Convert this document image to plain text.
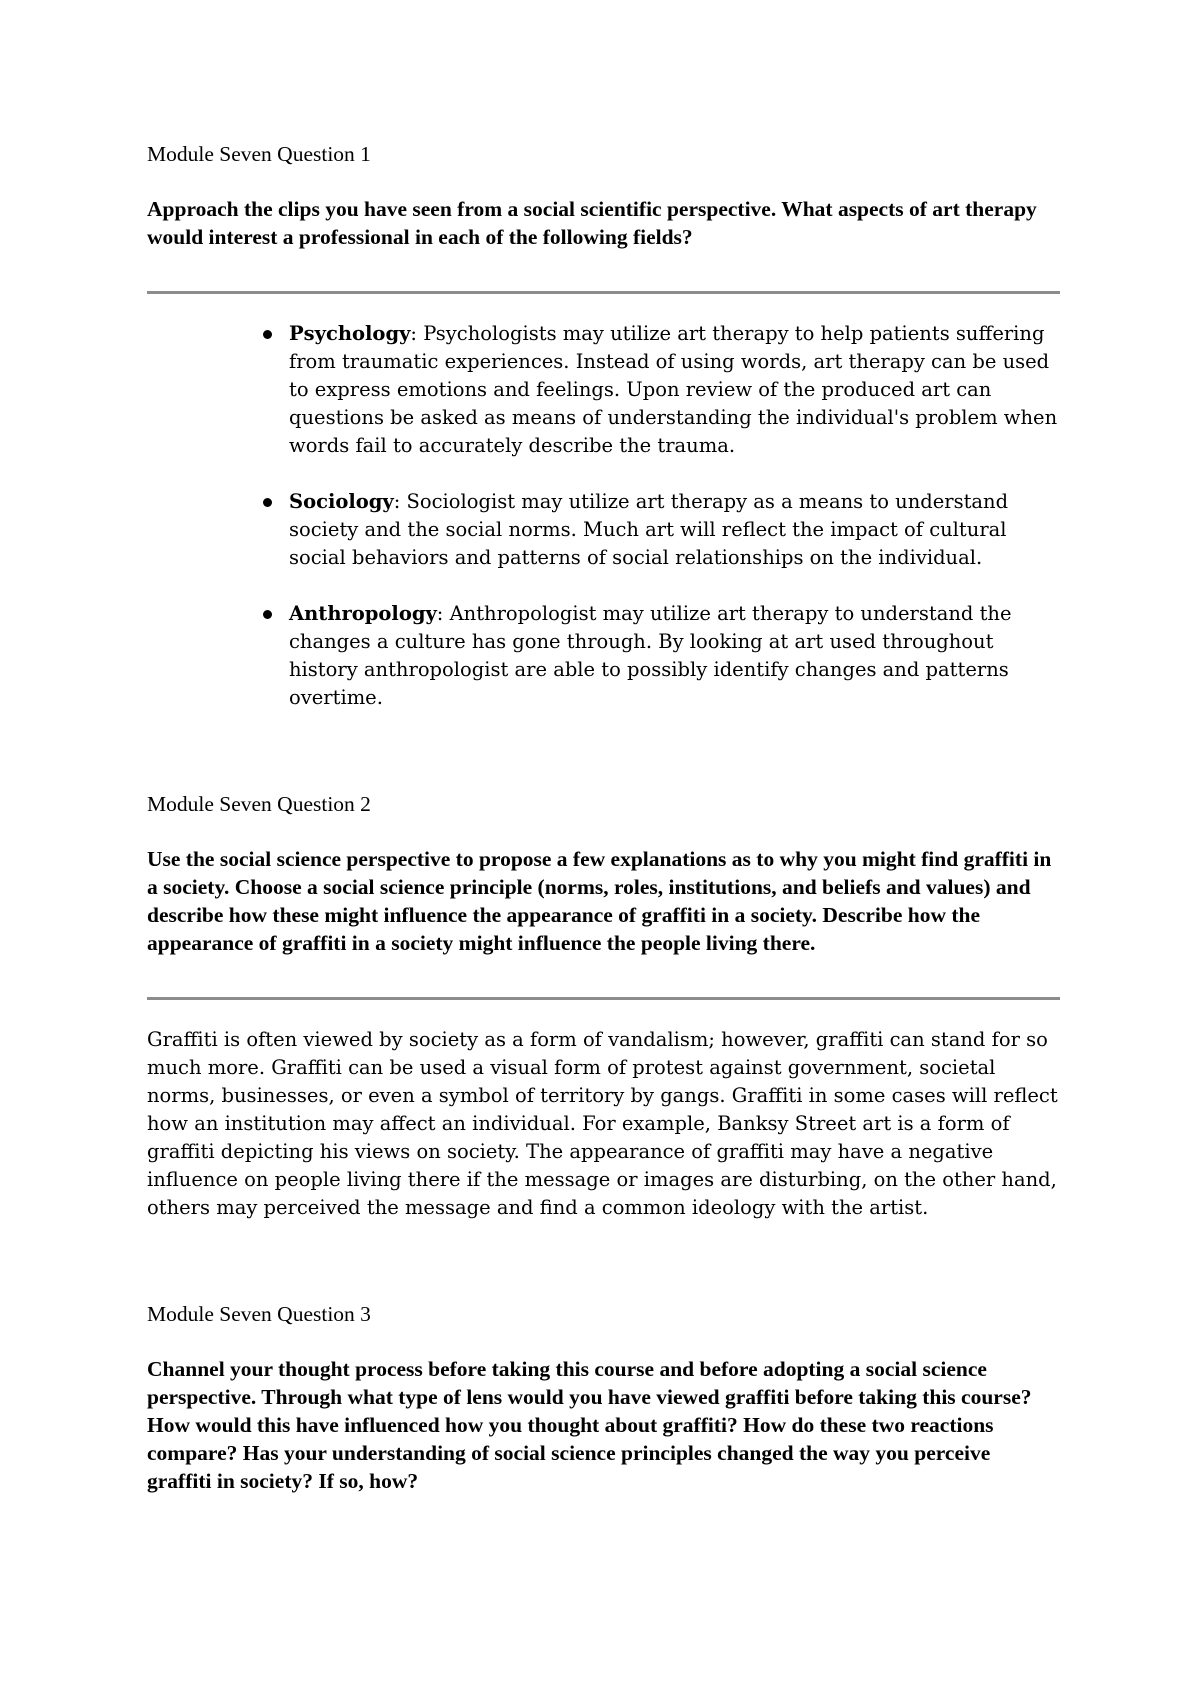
Module Seven Question 1

Approach the clips you have seen from a social scientific perspective. What aspects of art therapy would interest a professional in each of the following fields?

Psychology: Psychologists may utilize art therapy to help patients suffering from traumatic experiences. Instead of using words, art therapy can be used to express emotions and feelings. Upon review of the produced art can questions be asked as means of understanding the individual's problem when words fail to accurately describe the trauma.
Sociology: Sociologist may utilize art therapy as a means to understand society and the social norms. Much art will reflect the impact of cultural social behaviors and patterns of social relationships on the individual.
Anthropology: Anthropologist may utilize art therapy to understand the changes a culture has gone through. By looking at art used throughout history anthropologist are able to possibly identify changes and patterns overtime.
Module Seven Question 2

Use the social science perspective to propose a few explanations as to why you might find graffiti in a society. Choose a social science principle (norms, roles, institutions, and beliefs and values) and describe how these might influence the appearance of graffiti in a society. Describe how the appearance of graffiti in a society might influence the people living there.

Graffiti is often viewed by society as a form of vandalism; however, graffiti can stand for so much more. Graffiti can be used a visual form of protest against government, societal norms, businesses, or even a symbol of territory by gangs. Graffiti in some cases will reflect how an institution may affect an individual. For example, Banksy Street art is a form of graffiti depicting his views on society. The appearance of graffiti may have a negative influence on people living there if the message or images are disturbing, on the other hand, others may perceived the message and find a common ideology with the artist.

Module Seven Question 3

Channel your thought process before taking this course and before adopting a social science perspective. Through what type of lens would you have viewed graffiti before taking this course? How would this have influenced how you thought about graffiti? How do these two reactions compare? Has your understanding of social science principles changed the way you perceive graffiti in society? If so, how?
